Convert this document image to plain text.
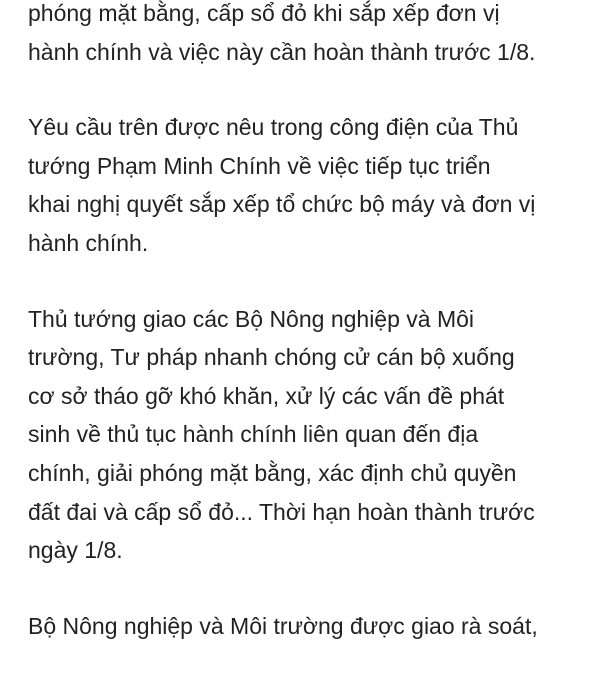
phóng mặt bằng, cấp sổ đỏ khi sắp xếp đơn vị
hành chính và việc này cần hoàn thành trước 1/8.

Yêu cầu trên được nêu trong công điện của Thủ
tướng Phạm Minh Chính về việc tiếp tục triển
khai nghị quyết sắp xếp tổ chức bộ máy và đơn vị
hành chính.

Thủ tướng giao các Bộ Nông nghiệp và Môi
trường, Tư pháp nhanh chóng cử cán bộ xuống
cơ sở tháo gỡ khó khăn, xử lý các vấn đề phát
sinh về thủ tục hành chính liên quan đến địa
chính, giải phóng mặt bằng, xác định chủ quyền
đất đai và cấp sổ đỏ... Thời hạn hoàn thành trước
ngày 1/8.

Bộ Nông nghiệp và Môi trường được giao rà soát,
